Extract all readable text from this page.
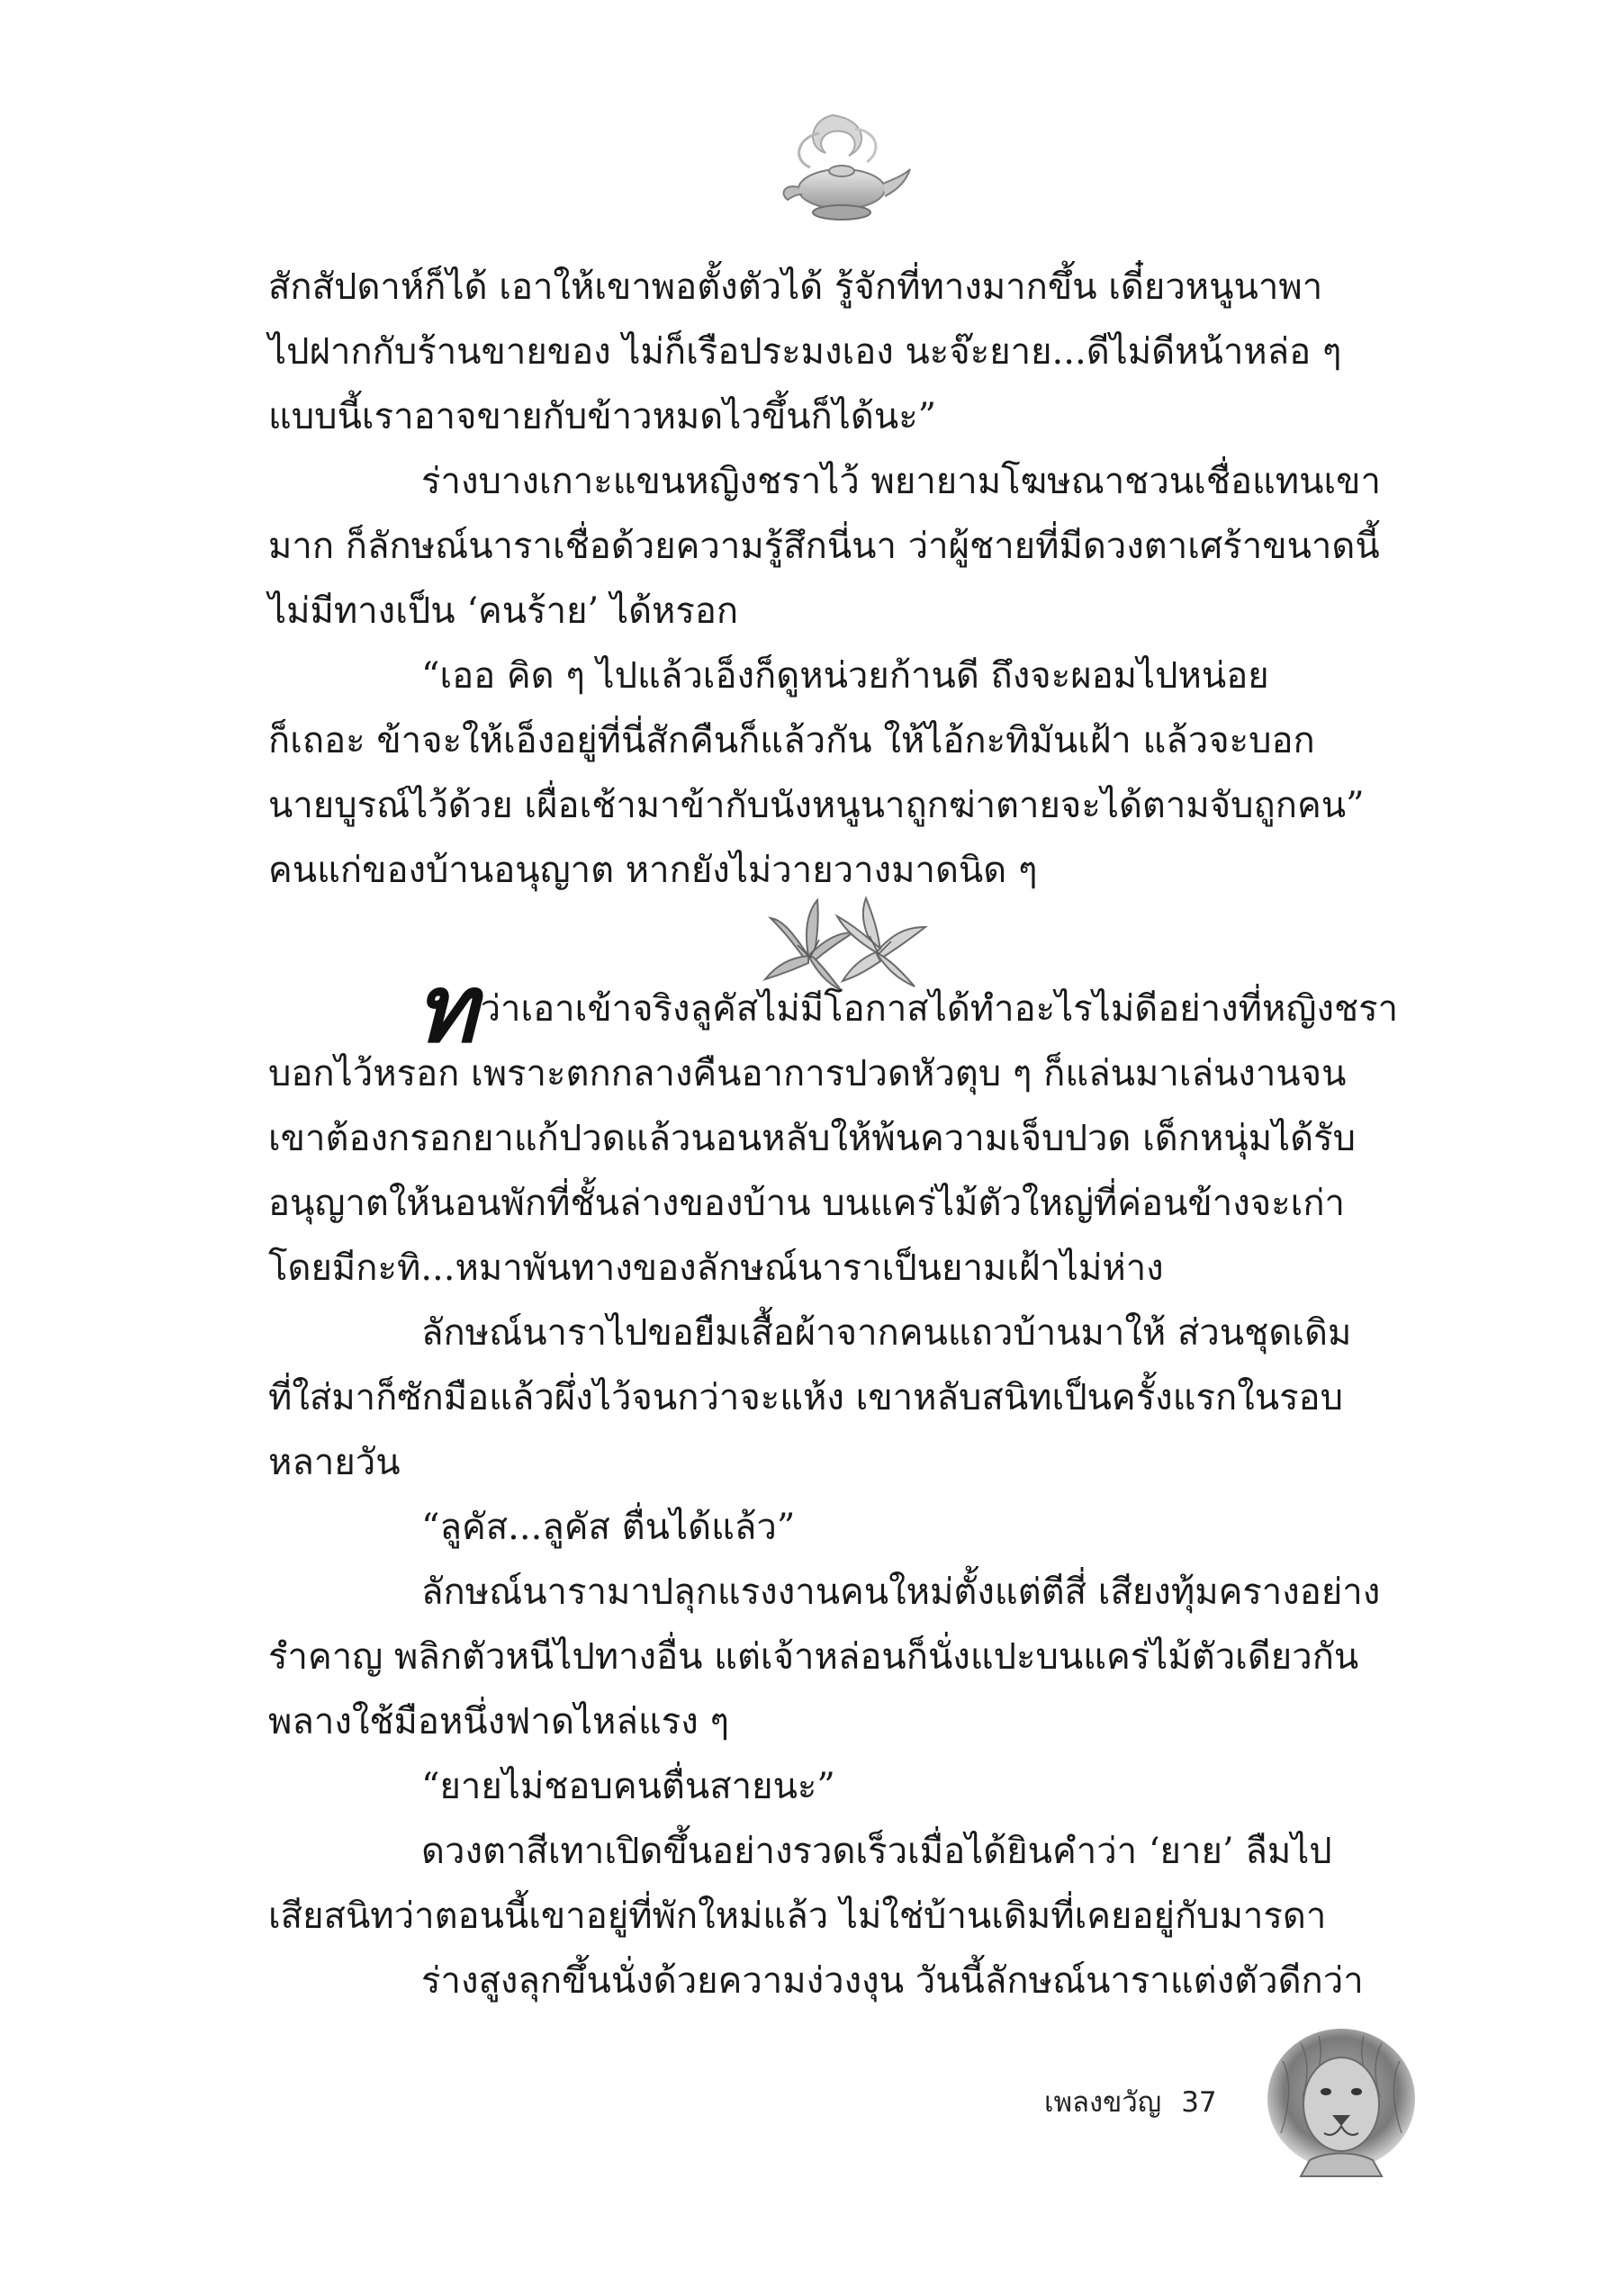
สักสัปดาห์ก็ได้ เอาให้เขาพอตั้งตัวได้ รู้จักที่ทางมากขึ้น เดี๋ยวหนูนาพา
ไปฝากกับร้านขายของ ไม่ก็เรือประมงเอง นะจ๊ะยาย...ดีไม่ดีหน้าหล่อ ๆ
แบบนี้เราอาจขายกับข้าวหมดไวขึ้นก็ได้นะ”
ร่างบางเกาะแขนหญิงชราไว้ พยายามโฆษณาชวนเชื่อแทนเขา
มาก ก็ลักษณ์นาราเชื่อด้วยความรู้สึกนี่นา ว่าผู้ชายที่มีดวงตาเศร้าขนาดนี้
ไม่มีทางเป็น ‘คนร้าย’ ได้หรอก
“เออ คิด ๆ ไปแล้วเอ็งก็ดูหน่วยก้านดี ถึงจะผอมไปหน่อย
ก็เถอะ ข้าจะให้เอ็งอยู่ที่นี่สักคืนก็แล้วกัน ให้ไอ้กะทิมันเฝ้า แล้วจะบอก
นายบูรณ์ไว้ด้วย เผื่อเช้ามาข้ากับนังหนูนาถูกฆ่าตายจะได้ตามจับถูกคน”
คนแก่ของบ้านอนุญาต หากยังไม่วายวางมาดนิด ๆ
ทว่าเอาเข้าจริงลูคัสไม่มีโอกาสได้ทำอะไรไม่ดีอย่างที่หญิงชรา
บอกไว้หรอก เพราะตกกลางคืนอาการปวดหัวตุบ ๆ ก็แล่นมาเล่นงานจน
เขาต้องกรอกยาแก้ปวดแล้วนอนหลับให้พ้นความเจ็บปวด เด็กหนุ่มได้รับ
อนุญาตให้นอนพักที่ชั้นล่างของบ้าน บนแคร่ไม้ตัวใหญ่ที่ค่อนข้างจะเก่า
โดยมีกะทิ...หมาพันทางของลักษณ์นาราเป็นยามเฝ้าไม่ห่าง
ลักษณ์นาราไปขอยืมเสื้อผ้าจากคนแถวบ้านมาให้ ส่วนชุดเดิม
ที่ใส่มาก็ซักมือแล้วผึ่งไว้จนกว่าจะแห้ง เขาหลับสนิทเป็นครั้งแรกในรอบ
หลายวัน
“ลูคัส...ลูคัส ตื่นได้แล้ว”
ลักษณ์นารามาปลุกแรงงานคนใหม่ตั้งแต่ตีสี่ เสียงทุ้มครางอย่าง
รำคาญ พลิกตัวหนีไปทางอื่น แต่เจ้าหล่อนก็นั่งแปะบนแคร่ไม้ตัวเดียวกัน
พลางใช้มือหนึ่งฟาดไหล่แรง ๆ
“ยายไม่ชอบคนตื่นสายนะ”
ดวงตาสีเทาเปิดขึ้นอย่างรวดเร็วเมื่อได้ยินคำว่า ‘ยาย’ ลืมไป
เสียสนิทว่าตอนนี้เขาอยู่ที่พักใหม่แล้ว ไม่ใช่บ้านเดิมที่เคยอยู่กับมารดา
ร่างสูงลุกขึ้นนั่งด้วยความง่วงงุน วันนี้ลักษณ์นาราแต่งตัวดีกว่า
เพลงขวัญ 37
